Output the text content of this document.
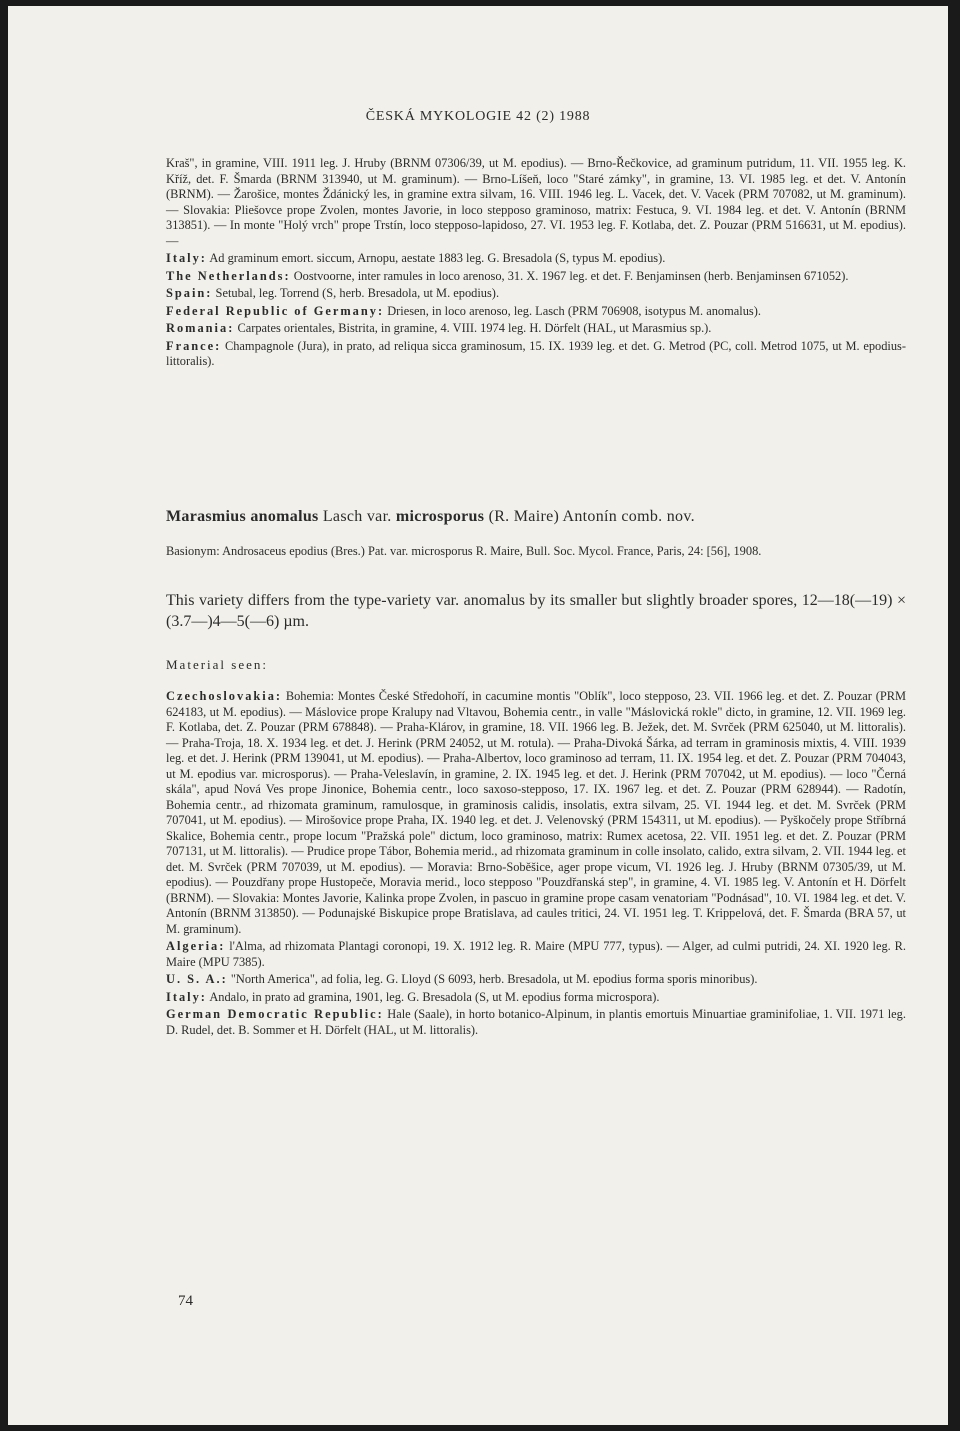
ČESKÁ MYKOLOGIE 42 (2) 1988

Kraš", in gramine, VIII. 1911 leg. J. Hruby (BRNM 07306/39, ut M. epodius). — Brno-Řečkovice, ad graminum putridum, 11. VII. 1955 leg. K. Kříž, det. F. Šmarda (BRNM 313940, ut M. graminum). — Brno-Líšeň, loco "Staré zámky", in gramine, 13. VI. 1985 leg. et det. V. Antonín (BRNM). — Žarošice, montes Ždánický les, in gramine extra silvam, 16. VIII. 1946 leg. L. Vacek, det. V. Vacek (PRM 707082, ut M. graminum). — Slovakia: Pliešovce prope Zvolen, montes Javorie, in loco stepposo graminoso, matrix: Festuca, 9. VI. 1984 leg. et det. V. Antonín (BRNM 313851). — In monte "Holý vrch" prope Trstín, loco stepposo-lapidoso, 27. VI. 1953 leg. F. Kotlaba, det. Z. Pouzar (PRM 516631, ut M. epodius). —

Italy: Ad graminum emort. siccum, Arnopu, aestate 1883 leg. G. Bresadola (S, typus M. epodius).

The Netherlands: Oostvoorne, inter ramules in loco arenoso, 31. X. 1967 leg. et det. F. Benjaminsen (herb. Benjaminsen 671052).

Spain: Setubal, leg. Torrend (S, herb. Bresadola, ut M. epodius).

Federal Republic of Germany: Driesen, in loco arenoso, leg. Lasch (PRM 706908, isotypus M. anomalus).

Romania: Carpates orientales, Bistrita, in gramine, 4. VIII. 1974 leg. H. Dörfelt (HAL, ut Marasmius sp.).

France: Champagnole (Jura), in prato, ad reliqua sicca graminosum, 15. IX. 1939 leg. et det. G. Metrod (PC, coll. Metrod 1075, ut M. epodius-littoralis).

Marasmius anomalus Lasch var. microsporus (R. Maire) Antonín comb. nov.
Basionym: Androsaceus epodius (Bres.) Pat. var. microsporus R. Maire, Bull. Soc. Mycol. France, Paris, 24: [56], 1908.
This variety differs from the type-variety var. anomalus by its smaller but slightly broader spores, 12—18(—19) × (3.7—)4—5(—6) µm.
Material seen:

Czechoslovakia: Bohemia: Montes České Středohoří, in cacumine montis "Oblík", loco stepposo, 23. VII. 1966 leg. et det. Z. Pouzar (PRM 624183, ut M. epodius). — Máslovice prope Kralupy nad Vltavou, Bohemia centr., in valle "Máslovická rokle" dicto, in gramine, 12. VII. 1969 leg. F. Kotlaba, det. Z. Pouzar (PRM 678848). — Praha-Klárov, in gramine, 18. VII. 1966 leg. B. Ježek, det. M. Svrček (PRM 625040, ut M. littoralis). — Praha-Troja, 18. X. 1934 leg. et det. J. Herink (PRM 24052, ut M. rotula). — Praha-Divoká Šárka, ad terram in graminosis mixtis, 4. VIII. 1939 leg. et det. J. Herink (PRM 139041, ut M. epodius). — Praha-Albertov, loco graminoso ad terram, 11. IX. 1954 leg. et det. Z. Pouzar (PRM 704043, ut M. epodius var. microsporus). — Praha-Veleslavín, in gramine, 2. IX. 1945 leg. et det. J. Herink (PRM 707042, ut M. epodius). — loco "Černá skála", apud Nová Ves prope Jinonice, Bohemia centr., loco saxoso-stepposo, 17. IX. 1967 leg. et det. Z. Pouzar (PRM 628944). — Radotín, Bohemia centr., ad rhizomata graminum, ramulosque, in graminosis calidis, insolatis, extra silvam, 25. VI. 1944 leg. et det. M. Svrček (PRM 707041, ut M. epodius). — Mirošovice prope Praha, IX. 1940 leg. et det. J. Velenovský (PRM 154311, ut M. epodius). — Pyškočely prope Stříbrná Skalice, Bohemia centr., prope locum "Pražská pole" dictum, loco graminoso, matrix: Rumex acetosa, 22. VII. 1951 leg. et det. Z. Pouzar (PRM 707131, ut M. littoralis). — Prudice prope Tábor, Bohemia merid., ad rhizomata graminum in colle insolato, calido, extra silvam, 2. VII. 1944 leg. et det. M. Svrček (PRM 707039, ut M. epodius). — Moravia: Brno-Soběšice, ager prope vicum, VI. 1926 leg. J. Hruby (BRNM 07305/39, ut M. epodius). — Pouzdřany prope Hustopeče, Moravia merid., loco stepposo "Pouzdřanská step", in gramine, 4. VI. 1985 leg. V. Antonín et H. Dörfelt (BRNM). — Slovakia: Montes Javorie, Kalinka prope Zvolen, in pascuo in gramine prope casam venatoriam "Podnásad", 10. VI. 1984 leg. et det. V. Antonín (BRNM 313850). — Podunajské Biskupice prope Bratislava, ad caules tritici, 24. VI. 1951 leg. T. Krippelová, det. F. Šmarda (BRA 57, ut M. graminum).

Algeria: l'Alma, ad rhizomata Plantagi coronopi, 19. X. 1912 leg. R. Maire (MPU 777, typus). — Alger, ad culmi putridi, 24. XI. 1920 leg. R. Maire (MPU 7385).

U. S. A.: "North America", ad folia, leg. G. Lloyd (S 6093, herb. Bresadola, ut M. epodius forma sporis minoribus).

Italy: Andalo, in prato ad gramina, 1901, leg. G. Bresadola (S, ut M. epodius forma microspora).

German Democratic Republic: Hale (Saale), in horto botanico-Alpinum, in plantis emortuis Minuartiae graminifoliae, 1. VII. 1971 leg. D. Rudel, det. B. Sommer et H. Dörfelt (HAL, ut M. littoralis).

74
